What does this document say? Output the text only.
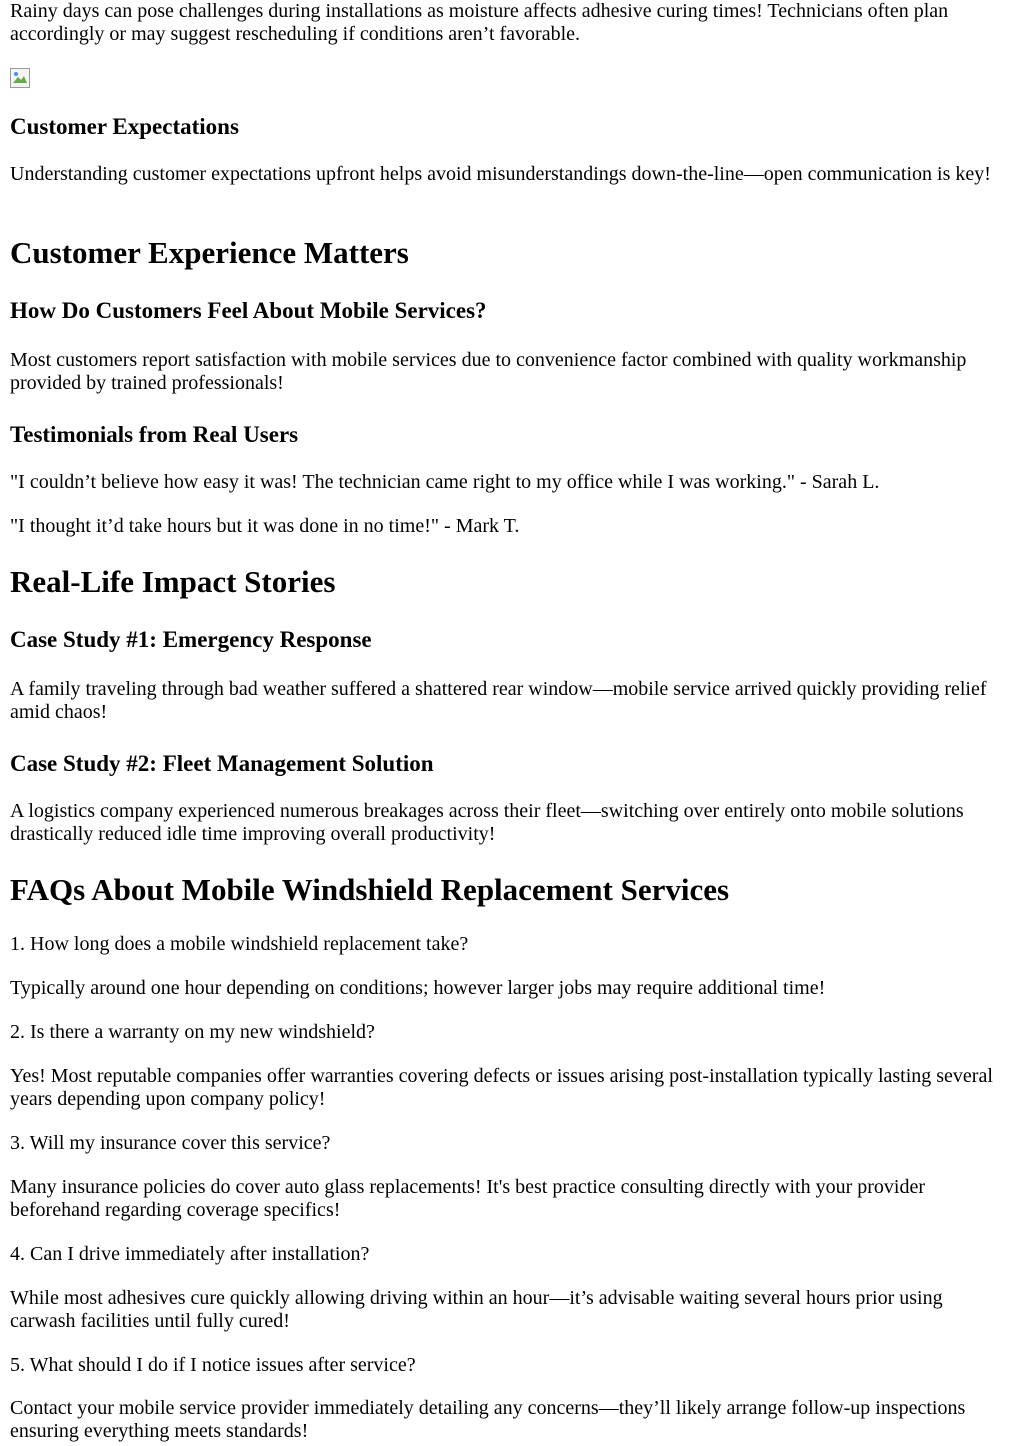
Rainy days can pose challenges during installations as moisture affects adhesive curing times! Technicians often plan accordingly or may suggest rescheduling if conditions aren’t favorable.

Customer Expectations

Understanding customer expectations upfront helps avoid misunderstandings down-the-line—open communication is key!

Customer Experience Matters
How Do Customers Feel About Mobile Services?

Most customers report satisfaction with mobile services due to convenience factor combined with quality workmanship provided by trained professionals!

Testimonials from Real Users

"I couldn’t believe how easy it was! The technician came right to my office while I was working." - Sarah L.

"I thought it’d take hours but it was done in no time!" - Mark T.

Real-Life Impact Stories
Case Study #1: Emergency Response

A family traveling through bad weather suffered a shattered rear window—mobile service arrived quickly providing relief amid chaos!

Case Study #2: Fleet Management Solution

A logistics company experienced numerous breakages across their fleet—switching over entirely onto mobile solutions drastically reduced idle time improving overall productivity!

FAQs About Mobile Windshield Replacement Services

1. How long does a mobile windshield replacement take?

Typically around one hour depending on conditions; however larger jobs may require additional time!

2. Is there a warranty on my new windshield?

Yes! Most reputable companies offer warranties covering defects or issues arising post-installation typically lasting several years depending upon company policy!

3. Will my insurance cover this service?

Many insurance policies do cover auto glass replacements! It's best practice consulting directly with your provider beforehand regarding coverage specifics!

4. Can I drive immediately after installation?

While most adhesives cure quickly allowing driving within an hour—it’s advisable waiting several hours prior using carwash facilities until fully cured!

5. What should I do if I notice issues after service?

Contact your mobile service provider immediately detailing any concerns—they’ll likely arrange follow-up inspections ensuring everything meets standards!
